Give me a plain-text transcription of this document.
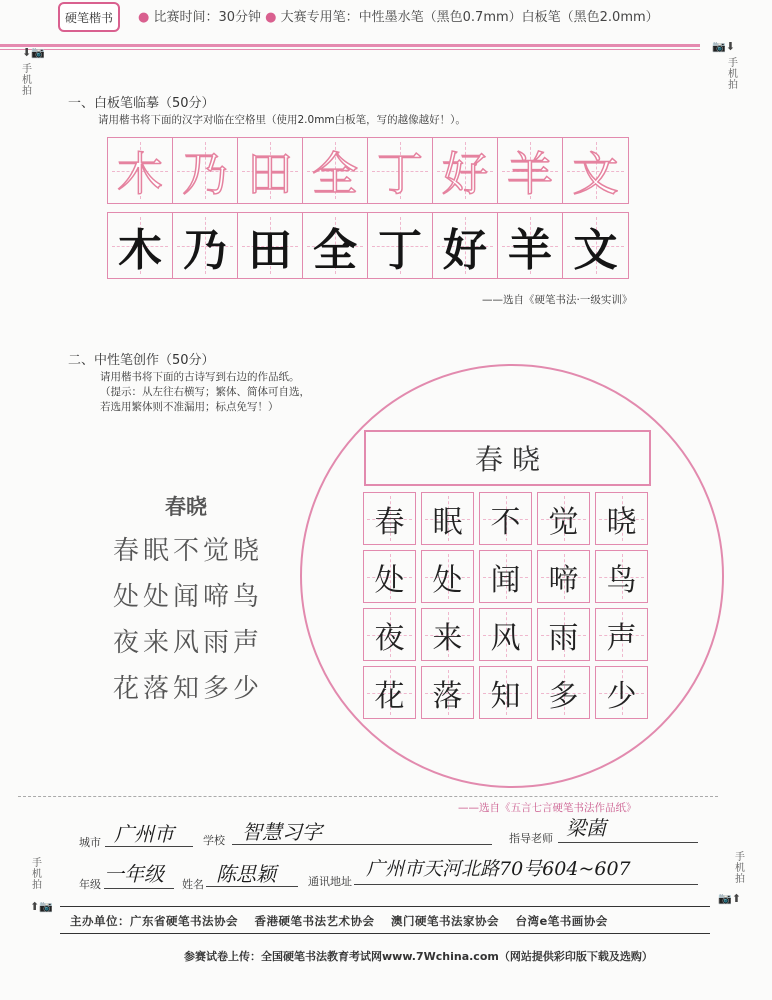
硬笔楷书	● 比赛时间：30分钟 ● 大赛专用笔：中性墨水笔（黑色0.7mm）白板笔（黑色2.0mm）
⬇📷
手机拍
📷⬇
手机拍
一、白板笔临摹（50分）
请用楷书将下面的汉字对临在空格里（使用2.0mm白板笔，写的越像越好！）。
木 乃 田 全 丁 好 羊 文
木 乃 田 全 丁 好 羊 文
——选自《硬笔书法·一级实训》
二、中性笔创作（50分）
请用楷书将下面的古诗写到右边的作品纸。
（提示：从左往右横写；繁体、简体可自选，
若选用繁体则不准漏用；标点免写！）
春晓
春眠不觉晓
处处闻啼鸟
夜来风雨声
花落知多少
春 晓
春 眠 不 觉 晓
处 处 闻 啼 鸟
夜 来 风 雨 声
花 落 知 多 少
——选自《五言七言硬笔书法作品纸》
城市 广州市	学校 智慧习字	指导老师 梁菌
年级 一年级 姓名 陈思颖	通讯地址
广州市天河北路70号604~607
手机拍
⬆📷
手机拍
📷⬆
主办单位：广东省硬笔书法协会　 香港硬笔书法艺术协会　 澳门硬笔书法家协会　 台湾e笔书画协会
参赛试卷上传：全国硬笔书法教育考试网www.7Wchina.com（网站提供彩印版下载及选购）
